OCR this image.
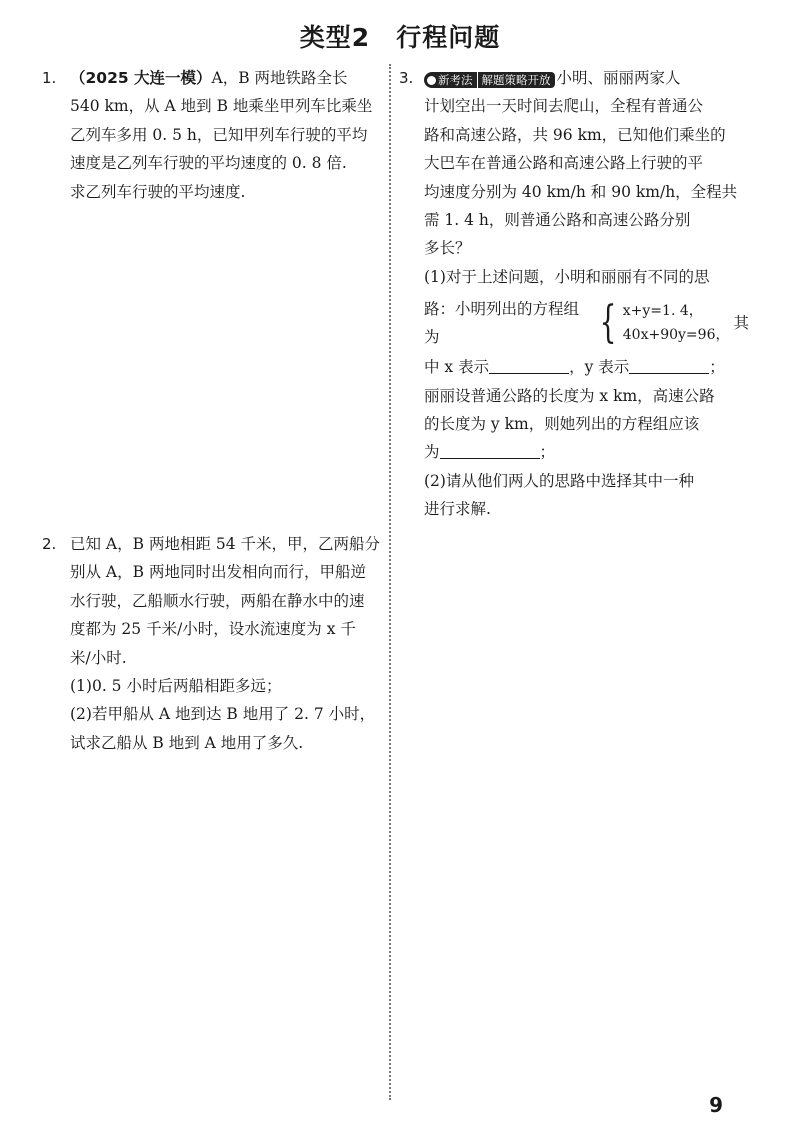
类型2 行程问题
1. （2025 大连一模）A，B 两地铁路全长

540 km，从 A 地到 B 地乘坐甲列车比乘坐

乙列车多用 0. 5 h，已知甲列车行驶的平均

速度是乙列车行驶的平均速度的 0. 8 倍.

求乙列车行驶的平均速度.

2. 已知 A，B 两地相距 54 千米，甲，乙两船分

别从 A，B 两地同时出发相向而行，甲船逆

水行驶，乙船顺水行驶，两船在静水中的速

度都为 25 千米/小时，设水流速度为 x 千

米/小时.

(1)0. 5 小时后两船相距多远；

(2)若甲船从 A 地到达 B 地用了 2. 7 小时，

试求乙船从 B 地到 A 地用了多久.

3.	新考法 解题策略开放 小明、丽丽两家人

计划空出一天时间去爬山，全程有普通公

路和高速公路，共 96 km，已知他们乘坐的

大巴车在普通公路和高速公路上行驶的平

均速度分别为 40 km/h 和 90 km/h，全程共

需 1. 4 h，则普通公路和高速公路分别

多长？

(1)对于上述问题，小明和丽丽有不同的思

路：小明列出的方程组为	{ x+y=1. 4，
40x+90y=96，
其

中 x 表示	，y 表示	；

丽丽设普通公路的长度为 x km，高速公路

的长度为 y km，则她列出的方程组应该

为	；

(2)请从他们两人的思路中选择其中一种

进行求解.

9
